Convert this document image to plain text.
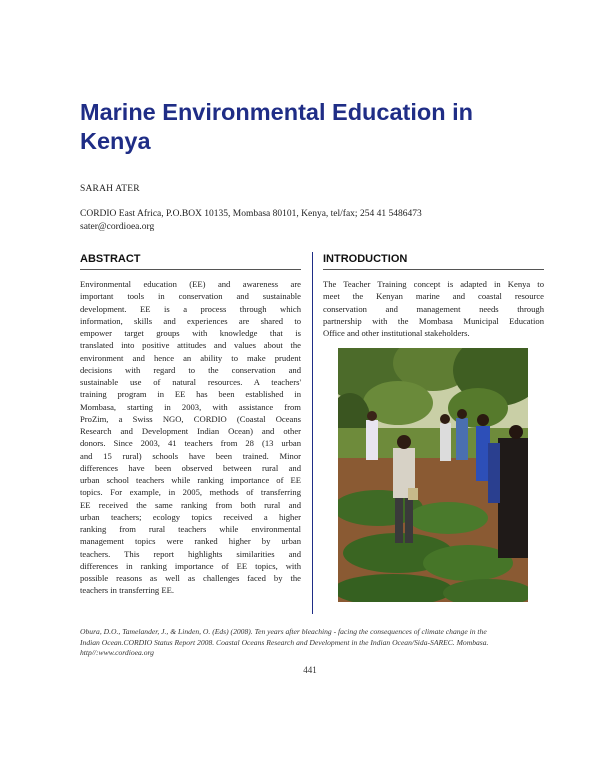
Marine Environmental Education in Kenya

SARAH ATER

CORDIO East Africa, P.O.BOX 10135, Mombasa 80101, Kenya, tel/fax; 254 41 5486473
sater@cordioea.org

ABSTRACT

Environmental education (EE) and awareness are
important tools in conservation and sustainable
development. EE is a process through which
information, skills and experiences are shared to
empower target groups with knowledge that is
translated into positive attitudes and values about the
environment and hence an ability to make prudent
decisions with regard to the conservation and
sustainable use of natural resources. A teachers'
training program in EE has been established in
Mombasa, starting in 2003, with assistance from
ProZim, a Swiss NGO, CORDIO (Coastal Oceans
Research and Development Indian Ocean) and other
donors. Since 2003, 41 teachers from 28 (13 urban
and 15 rural) schools have been trained. Minor
differences have been observed between rural and
urban school teachers while ranking importance of EE
topics. For example, in 2005, methods of transferring
EE received the same ranking from both rural and
urban teachers; ecology topics received a higher
ranking from rural teachers while environmental
management topics were ranked higher by urban
teachers. This report highlights similarities and
differences in ranking importance of EE topics, with
possible reasons as well as challenges faced by the
teachers in transferring EE.

INTRODUCTION

The Teacher Training concept is adapted in Kenya to
meet the Kenyan marine and coastal resource
conservation and management needs through
partnership with the Mombasa Municipal Education
Office and other institutional stakeholders.

Obura, D.O., Tamelander, J., & Linden, O. (Eds) (2008). Ten years after bleaching - facing the consequences of climate change in the
Indian Ocean.CORDIO Status Report 2008. Coastal Oceans Research and Development in the Indian Ocean/Sida-SAREC. Mombasa.
http//:www.cordioea.org

441
